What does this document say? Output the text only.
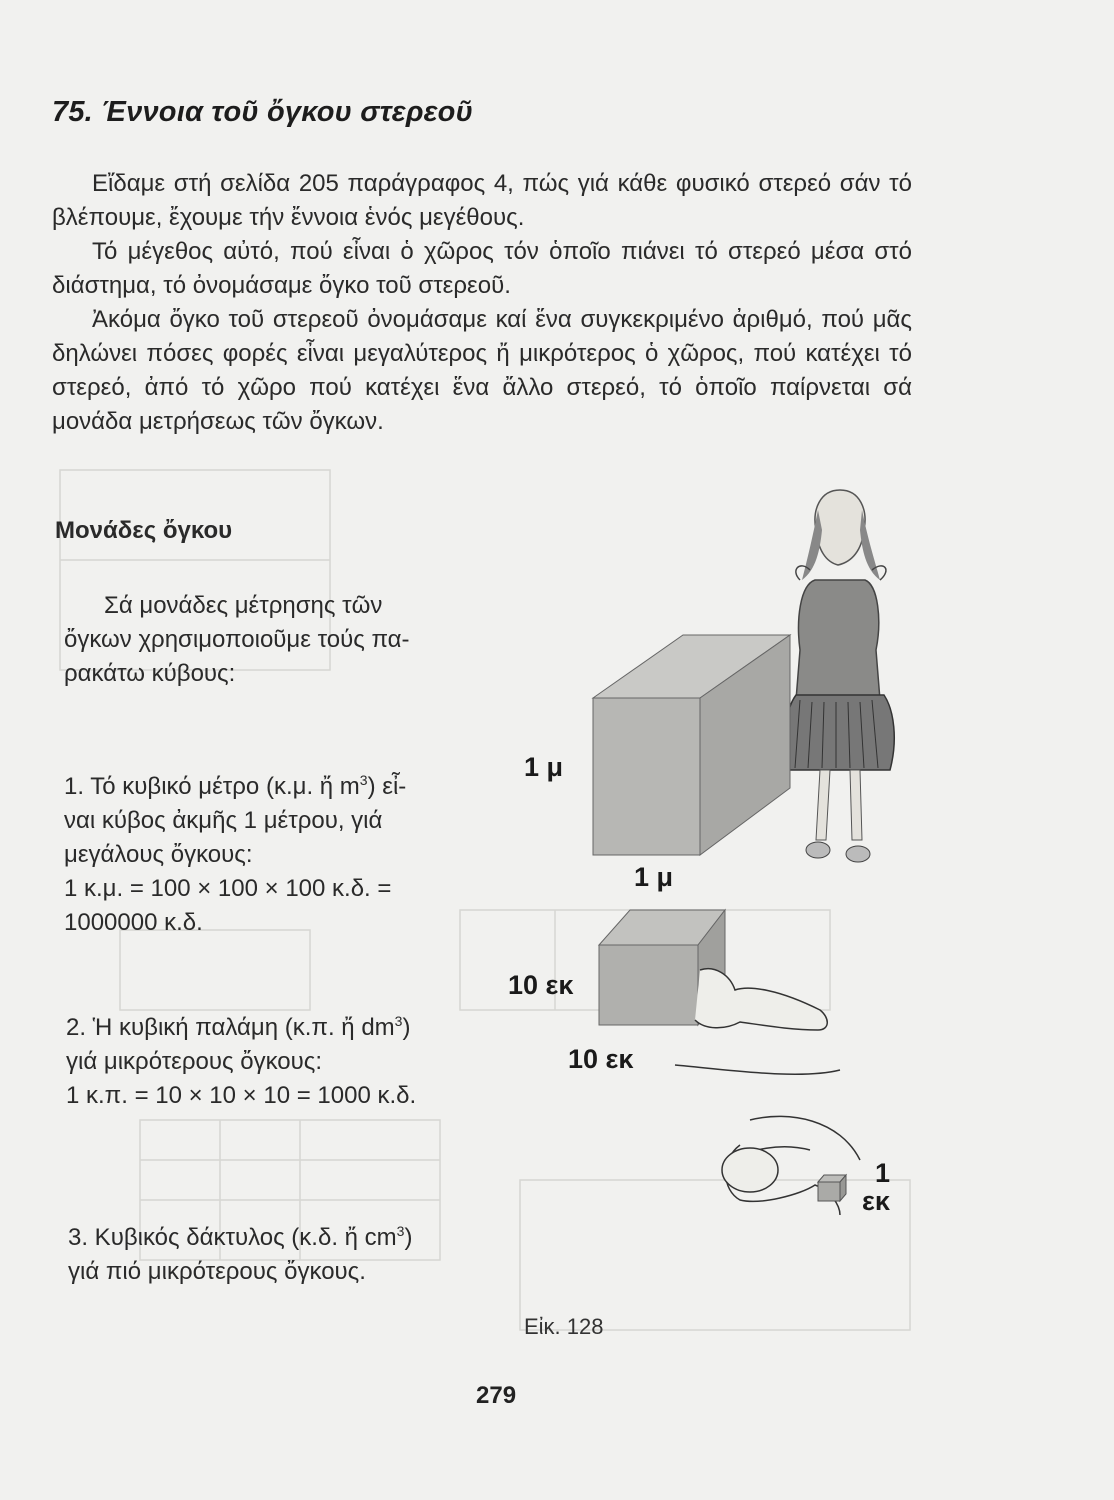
75. Έννοια τοῦ ὄγκου στερεοῦ

Εἴδαμε στή σελίδα 205 παράγραφος 4, πώς γιά κάθε φυσικό στερεό σάν τό βλέπουμε, ἔχουμε τήν ἔννοια ἑνός μεγέθους.

Τό μέγεθος αὐτό, πού εἶναι ὁ χῶρος τόν ὁποῖο πιάνει τό στερεό μέσα στό διάστημα, τό ὀνομάσαμε ὄγκο τοῦ στερεοῦ.

Ἀκόμα ὄγκο τοῦ στερεοῦ ὀνομάσαμε καί ἕνα συγκεκριμένο ἀριθμό, πού μᾶς δηλώνει πόσες φορές εἶναι μεγαλύτερος ἤ μικρότερος ὁ χῶρος, πού κατέχει τό στερεό, ἀπό τό χῶρο πού κατέχει ἕνα ἄλλο στερεό, τό ὁποῖο παίρνεται σά μονάδα μετρήσεως τῶν ὄγκων.

Μονάδες ὄγκου
Σά μονάδες μέτρησης τῶν
ὄγκων χρησιμοποιοῦμε τούς πα-
ρακάτω κύβους:
1. Τό κυβικό μέτρο (κ.μ. ἤ $m^3$) εἶ-
ναι κύβος ἀκμῆς 1 μέτρου, γιά
μεγάλους ὄγκους:
1 κ.μ. = 100 × 100 × 100 κ.δ. =
1000000 κ.δ.
2. Ἡ κυβική παλάμη (κ.π. ἤ $dm^3$)
γιά μικρότερους ὄγκους:
1 κ.π. = 10 × 10 × 10 = 1000 κ.δ.
3. Κυβικός δάκτυλος (κ.δ. ἤ $cm^3$)
γιά πιό μικρότερους ὄγκους.
1 μ
1 μ
10 εκ
10 εκ
1
εκ
Εἰκ. 128
279
